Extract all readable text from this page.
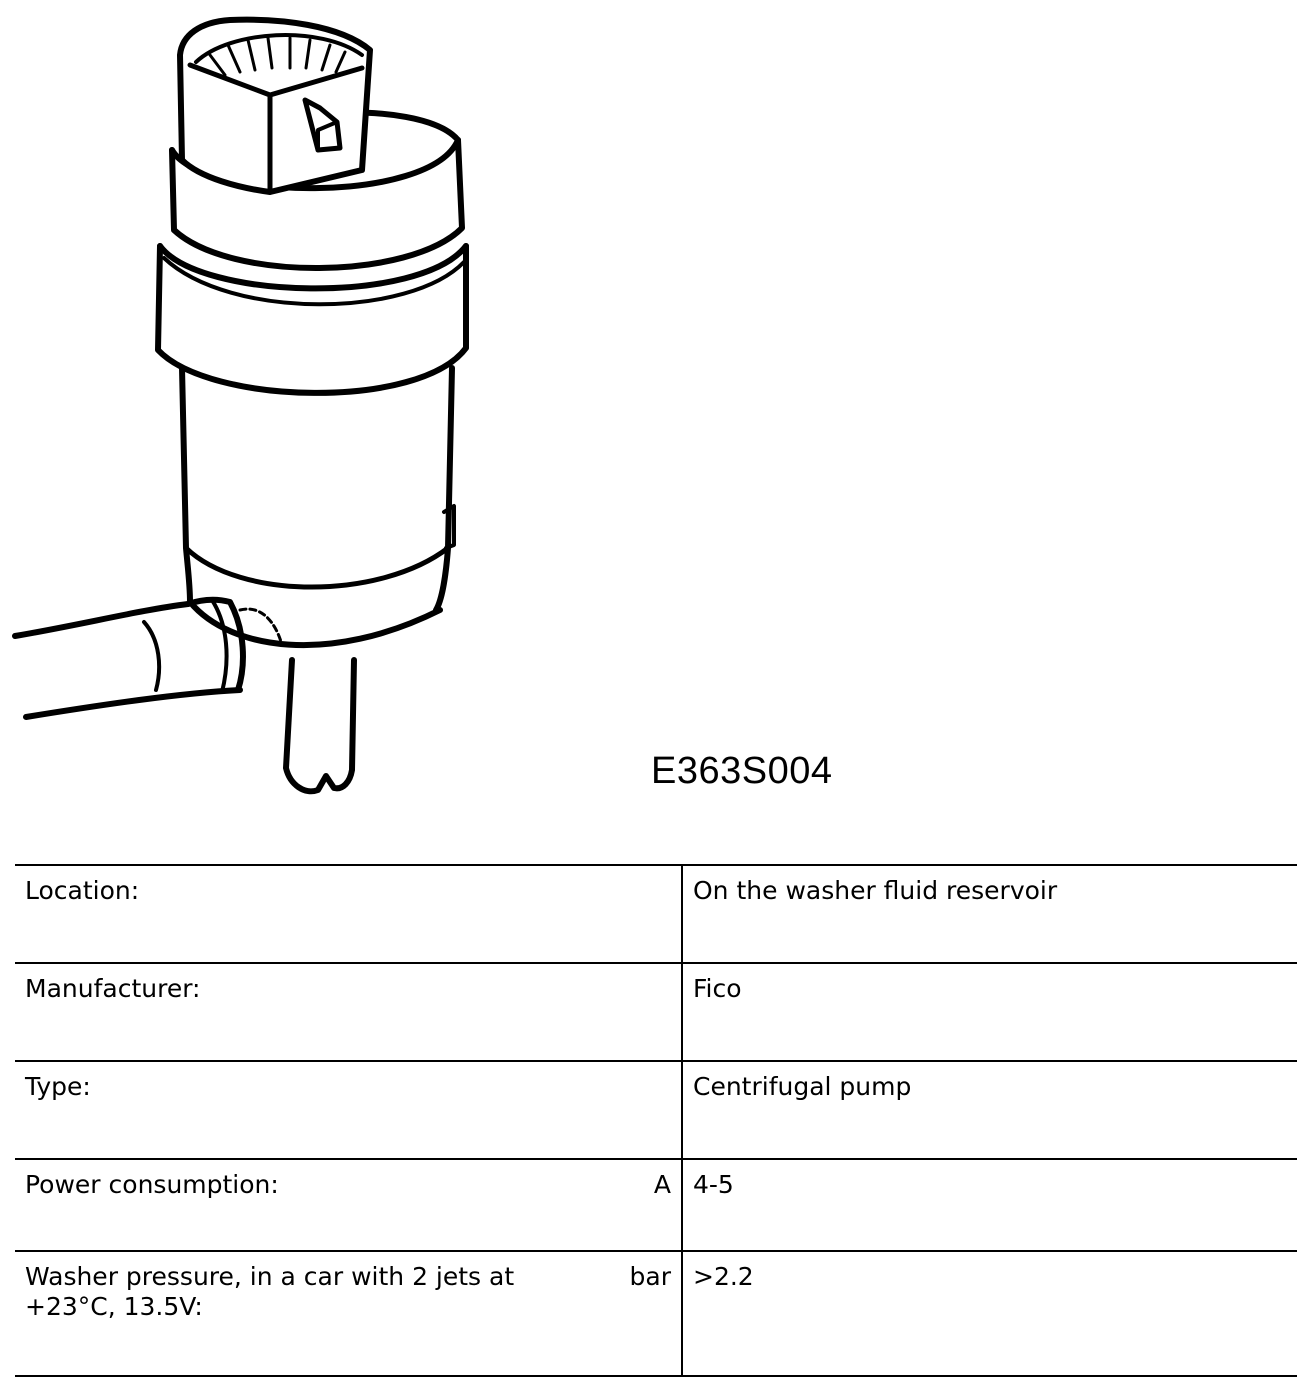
E363S004
Location:		On the washer fluid reservoir
Manufacturer:		Fico
Type:		Centrifugal pump
Power consumption:	A	4-5
Washer pressure, in a car with 2 jets at +23°C, 13.5V:	bar	>2.2
